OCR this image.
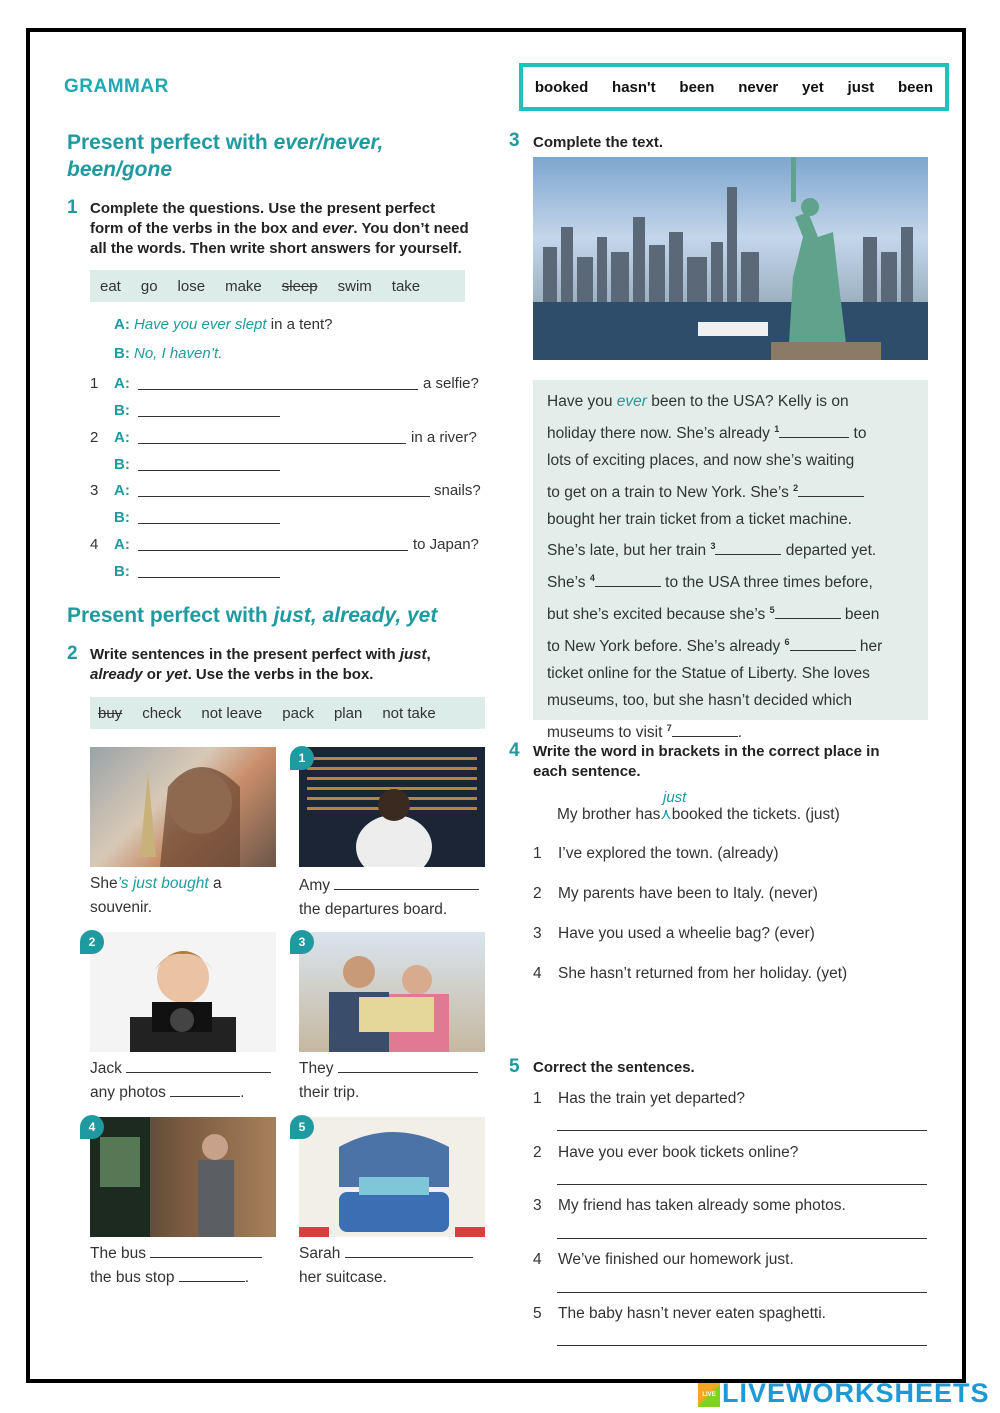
GRAMMAR
Present perfect with ever/never,
been/gone
1 Complete the questions. Use the present perfect
form of the verbs in the box and ever. You don’t need
all the words. Then write short answers for yourself.
eat go lose make sleep swim take
A: Have you ever slept in a tent?
B: No, I haven’t.
1 A:	a selfie?
B:
2 A:	in a river?
B:
3 A:	snails?
B:
4 A:	to Japan?
B:
Present perfect with just, already, yet
2 Write sentences in the present perfect with just,
already or yet. Use the verbs in the box.
buy check not leave pack plan not take
She’s just bought a
souvenir.
1
Amy
the departures board.
2
Jack
any photos	.
3
They
their trip.
4
The bus
the bus stop	.
5
Sarah
her suitcase.
booked hasn't been never yet just been
3 Complete the text.
Have you ever been to the USA? Kelly is on
holiday there now. She’s already $^1$	to
lots of exciting places, and now she’s waiting
to get on a train to New York. She’s $^2$
bought her train ticket from a ticket machine.
She’s late, but her train $^3$	departed yet.
She’s $^4$	to the USA three times before,
but she’s excited because she’s $^5$	been
to New York before. She’s already $^6$	her
ticket online for the Statue of Liberty. She loves
museums, too, but she hasn’t decided which
museums to visit $^7$	.
4 Write the word in brackets in the correct place in
each sentence.
just
My brother has⋏booked the tickets. (just)
1 I’ve explored the town. (already)
2 My parents have been to Italy. (never)
3 Have you used a wheelie bag? (ever)
4 She hasn’t returned from her holiday. (yet)
5 Correct the sentences.
1 Has the train yet departed?
2 Have you ever book tickets online?
3 My friend has taken already some photos.
4 We’ve finished our homework just.
5 The baby hasn’t never eaten spaghetti.
LIVE LIVEWORKSHEETS
